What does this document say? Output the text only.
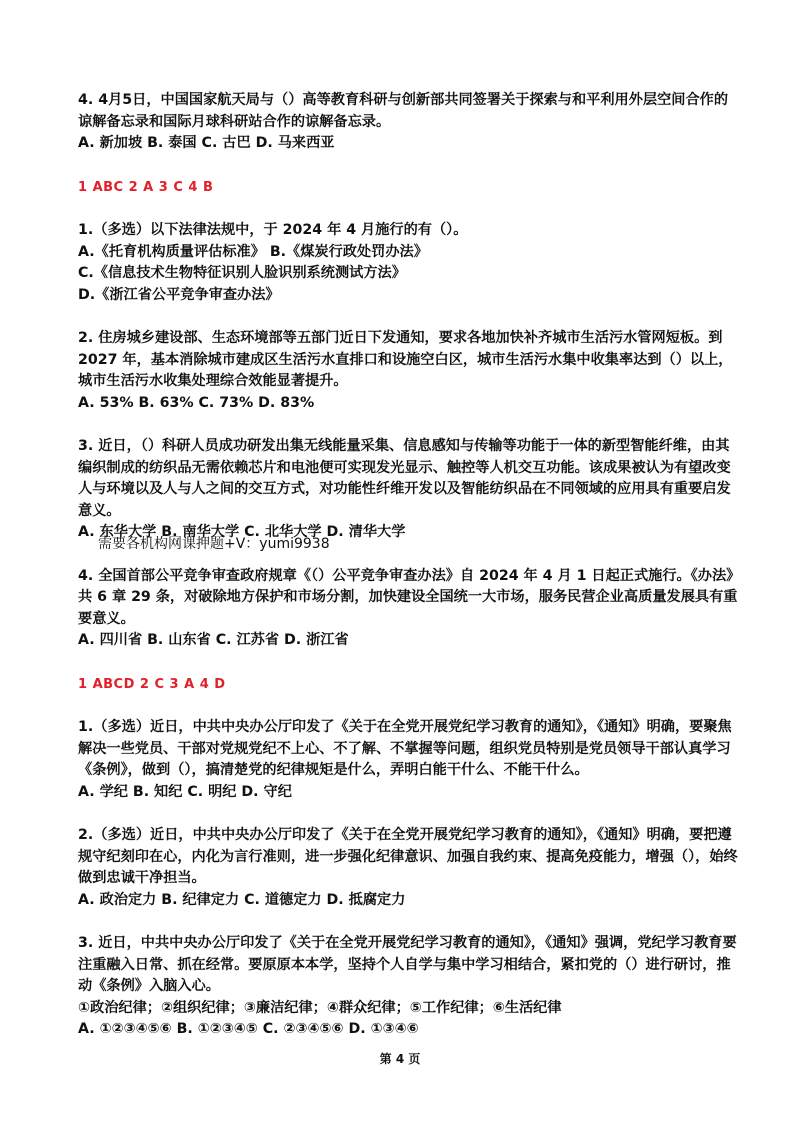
4. 4月5日，中国国家航天局与（）高等教育科研与创新部共同签署关于探索与和平利用外层空间合作的谅解备忘录和国际月球科研站合作的谅解备忘录。

A. 新加坡 B. 泰国 C. 古巴 D. 马来西亚

1 ABC 2 A 3 C 4 B

1.（多选）以下法律法规中，于 2024 年 4 月施行的有（）。

A.《托育机构质量评估标准》 B.《煤炭行政处罚办法》

C.《信息技术生物特征识别人脸识别系统测试方法》

D.《浙江省公平竞争审查办法》

2. 住房城乡建设部、生态环境部等五部门近日下发通知，要求各地加快补齐城市生活污水管网短板。到 2027 年，基本消除城市建成区生活污水直排口和设施空白区，城市生活污水集中收集率达到（）以上，城市生活污水收集处理综合效能显著提升。

A. 53% B. 63% C. 73% D. 83%

3. 近日，（）科研人员成功研发出集无线能量采集、信息感知与传输等功能于一体的新型智能纤维，由其编织制成的纺织品无需依赖芯片和电池便可实现发光显示、触控等人机交互功能。该成果被认为有望改变人与环境以及人与人之间的交互方式，对功能性纤维开发以及智能纺织品在不同领域的应用具有重要启发意义。

A. 东华大学 B. 南华大学 C. 北华大学 D. 清华大学

4. 全国首部公平竞争审查政府规章《（）公平竞争审查办法》自 2024 年 4 月 1 日起正式施行。《办法》共 6 章 29 条，对破除地方保护和市场分割，加快建设全国统一大市场，服务民营企业高质量发展具有重要意义。

A. 四川省 B. 山东省 C. 江苏省 D. 浙江省

1 ABCD 2 C 3 A 4 D

1.（多选）近日，中共中央办公厅印发了《关于在全党开展党纪学习教育的通知》，《通知》明确，要聚焦解决一些党员、干部对党规党纪不上心、不了解、不掌握等问题，组织党员特别是党员领导干部认真学习《条例》，做到（），搞清楚党的纪律规矩是什么，弄明白能干什么、不能干什么。

A. 学纪 B. 知纪 C. 明纪 D. 守纪

2.（多选）近日，中共中央办公厅印发了《关于在全党开展党纪学习教育的通知》，《通知》明确，要把遵规守纪刻印在心，内化为言行准则，进一步强化纪律意识、加强自我约束、提高免疫能力，增强（），始终做到忠诚干净担当。

A. 政治定力 B. 纪律定力 C. 道德定力 D. 抵腐定力

3. 近日，中共中央办公厅印发了《关于在全党开展党纪学习教育的通知》，《通知》强调，党纪学习教育要注重融入日常、抓在经常。要原原本本学，坚持个人自学与集中学习相结合，紧扣党的（）进行研讨，推动《条例》入脑入心。

①政治纪律；②组织纪律；③廉洁纪律；④群众纪律；⑤工作纪律；⑥生活纪律

A. ①②③④⑤⑥ B. ①②③④⑤ C. ②③④⑤⑥ D. ①③④⑥

需要各机构网课押题+V：yumi9938
第 4 页
